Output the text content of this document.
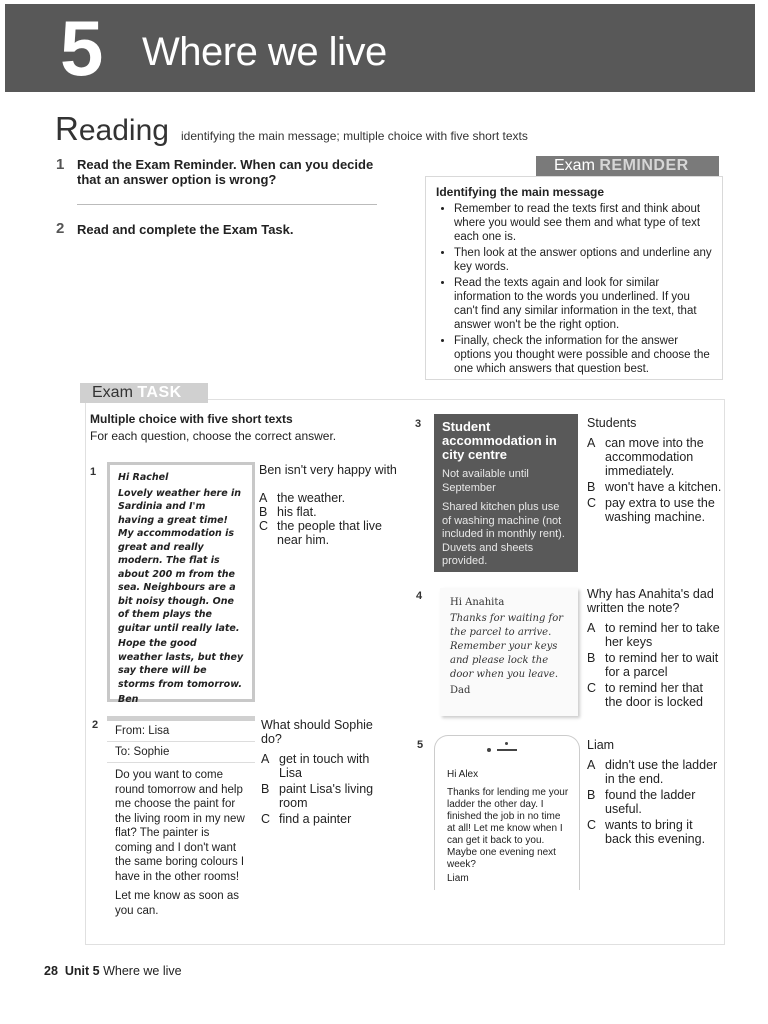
5 Where we live
Reading identifying the main message; multiple choice with five short texts
1 Read the Exam Reminder. When can you decide that an answer option is wrong?
2 Read and complete the Exam Task.
Exam REMINDER
Identifying the main message
• Remember to read the texts first and think about where you would see them and what type of text each one is.
• Then look at the answer options and underline any key words.
• Read the texts again and look for similar information to the words you underlined. If you can't find any similar information in the text, that answer won't be the right option.
• Finally, check the information for the answer options you thought were possible and choose the one which answers that question best.
Exam TASK
Multiple choice with five short texts
For each question, choose the correct answer.
1 Hi Rachel
Lovely weather here in Sardinia and I'm having a great time! My accommodation is great and really modern. The flat is about 200 m from the sea. Neighbours are a bit noisy though. One of them plays the guitar until really late.
Hope the good weather lasts, but they say there will be storms from tomorrow.
Ben
Ben isn't very happy with
A the weather.
B his flat.
C the people that live near him.
2	From: Lisa
To: Sophie
Do you want to come round tomorrow and help me choose the paint for the living room in my new flat? The painter is coming and I don't want the same boring colours I have in the other rooms!
Let me know as soon as you can.
What should Sophie do?
A get in touch with Lisa
B paint Lisa's living room
C find a painter
3 Student accommodation in city centre

Not available until September

Shared kitchen plus use of washing machine (not included in monthly rent). Duvets and sheets provided.

Students
A can move into the accommodation immediately.
B won't have a kitchen.
C pay extra to use the washing machine.
4
Hi Anahita
Thanks for waiting for the parcel to arrive. Remember your keys and please lock the door when you leave.
Dad
Why has Anahita's dad written the note?
A to remind her to take her keys
B to remind her to wait for a parcel
C to remind her that the door is locked
5
Hi Alex
Thanks for lending me your ladder the other day. I finished the job in no time at all! Let me know when I can get it back to you. Maybe one evening next week?
Liam
Liam
A didn't use the ladder in the end.
B found the ladder useful.
C wants to bring it back this evening.
28 Unit 5 Where we live
